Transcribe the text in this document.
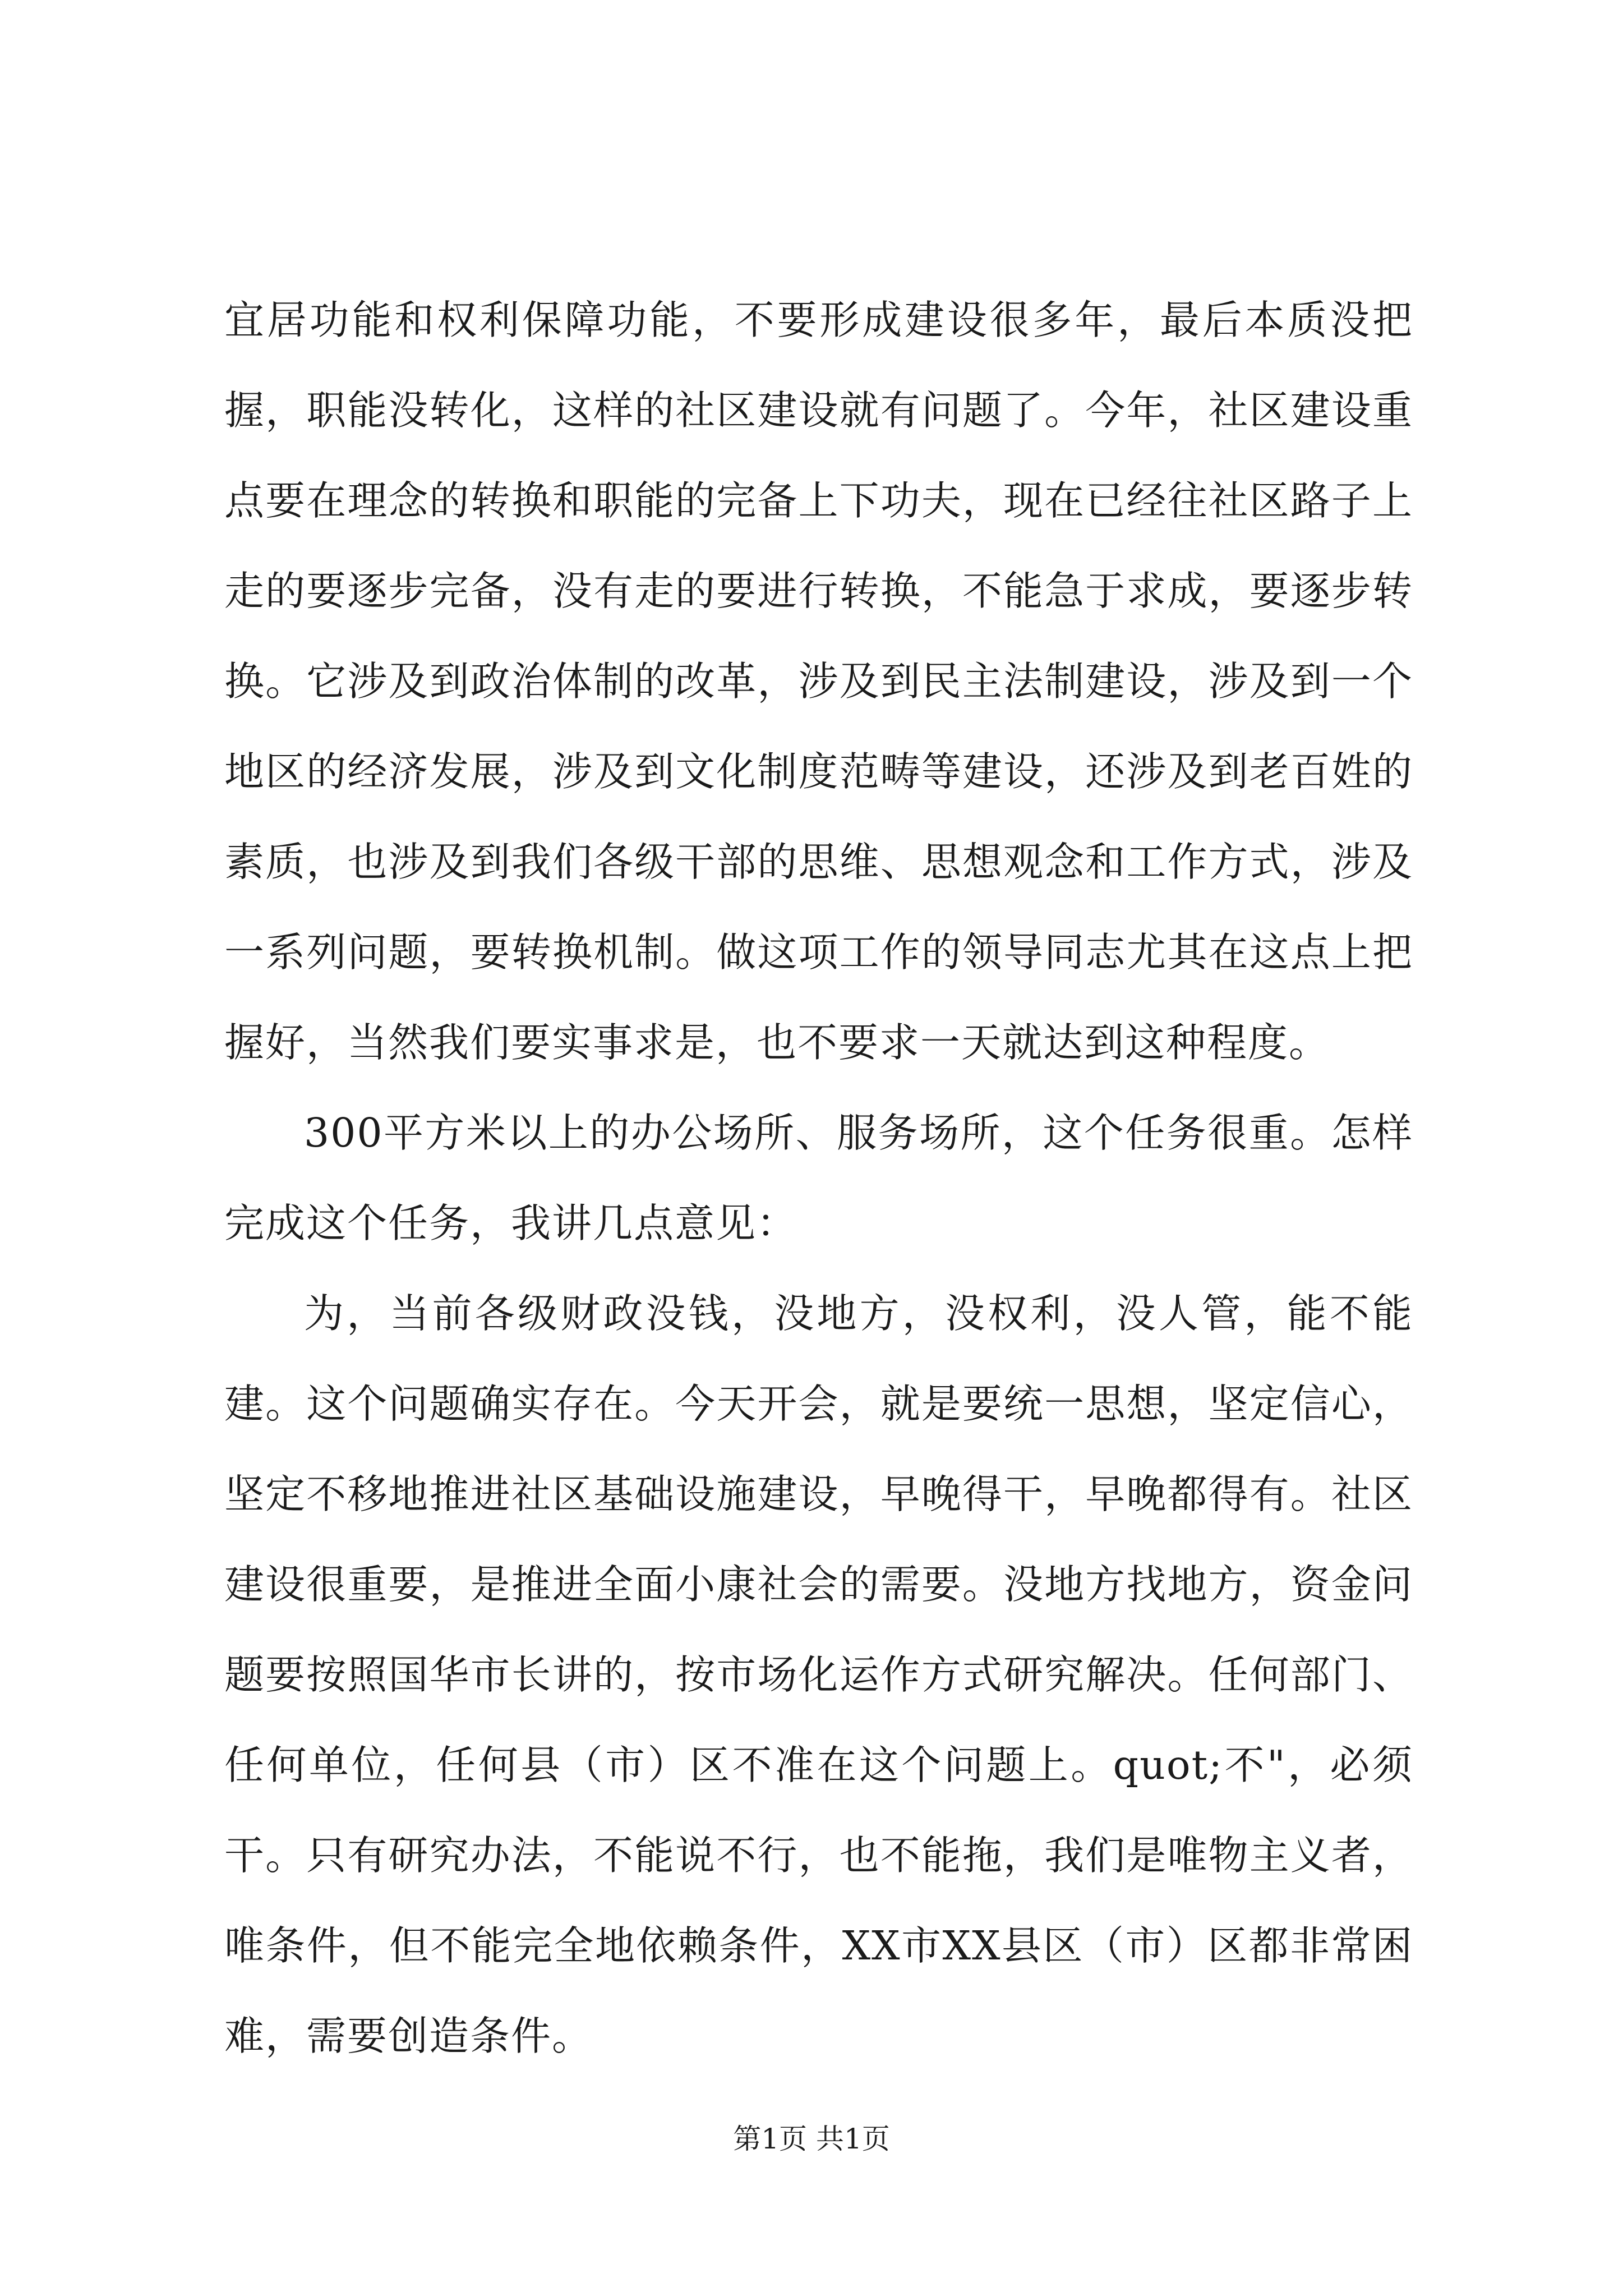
宜居功能和权利保障功能，不要形成建设很多年，最后本质没把握，职能没转化，这样的社区建设就有问题了。今年，社区建设重点要在理念的转换和职能的完备上下功夫，现在已经往社区路子上走的要逐步完备，没有走的要进行转换，不能急于求成，要逐步转换。它涉及到政治体制的改革，涉及到民主法制建设，涉及到一个地区的经济发展，涉及到文化制度范畴等建设，还涉及到老百姓的素质，也涉及到我们各级干部的思维、思想观念和工作方式，涉及一系列问题，要转换机制。做这项工作的领导同志尤其在这点上把握好，当然我们要实事求是，也不要求一天就达到这种程度。

300平方米以上的办公场所、服务场所，这个任务很重。怎样完成这个任务，我讲几点意见：

为，当前各级财政没钱，没地方，没权利，没人管，能不能建。这个问题确实存在。今天开会，就是要统一思想，坚定信心，坚定不移地推进社区基础设施建设，早晚得干，早晚都得有。社区建设很重要，是推进全面小康社会的需要。没地方找地方，资金问题要按照国华市长讲的，按市场化运作方式研究解决。任何部门、任何单位，任何县（市）区不准在这个问题上。quot;不"，必须干。只有研究办法，不能说不行，也不能拖，我们是唯物主义者，唯条件，但不能完全地依赖条件，XX市XX县区（市）区都非常困难，需要创造条件。

第1页 共1页
